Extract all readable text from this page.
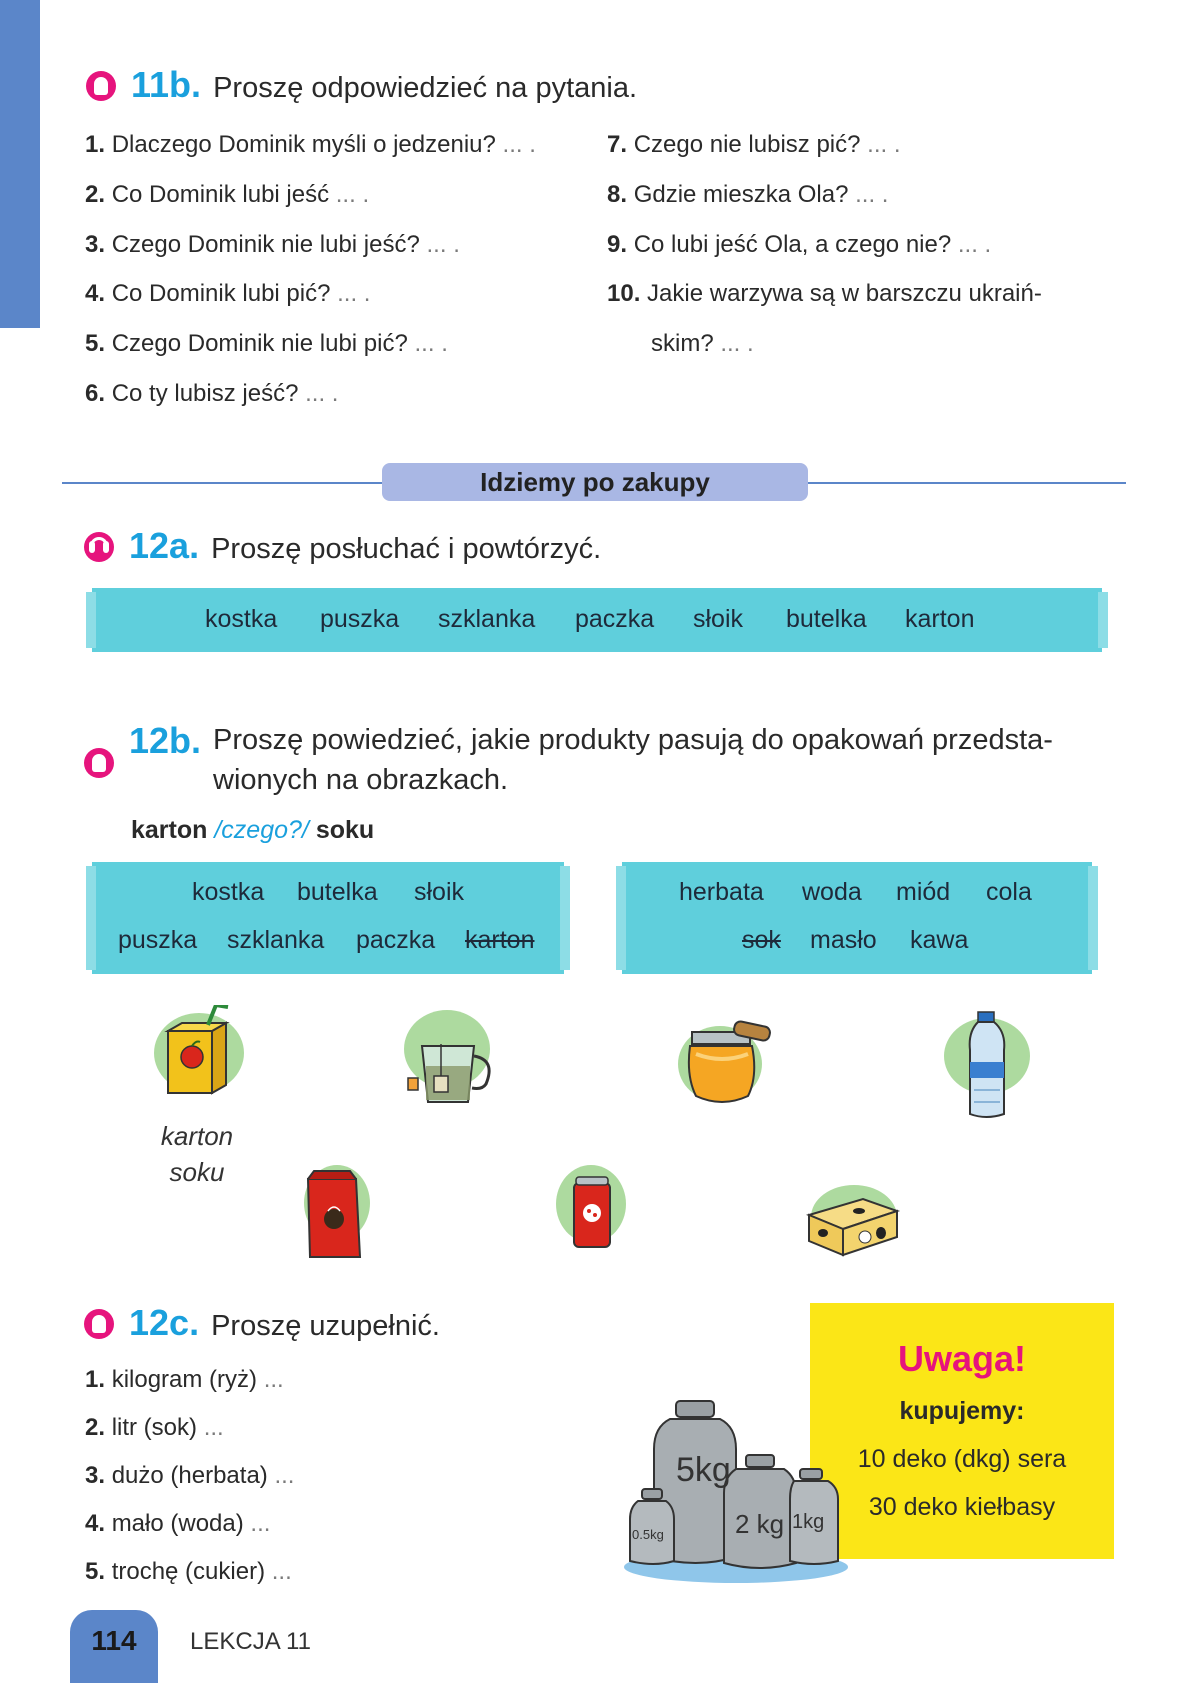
11b. Proszę odpowiedzieć na pytania.
1. Dlaczego Dominik myśli o jedzeniu? ... .
2. Co Dominik lubi jeść ... .
3. Czego Dominik nie lubi jeść? ... .
4. Co Dominik lubi pić? ... .
5. Czego Dominik nie lubi pić? ... .
6. Co ty lubisz jeść? ... .
7. Czego nie lubisz pić? ... .
8. Gdzie mieszka Ola? ... .
9. Co lubi jeść Ola, a czego nie? ... .
10. Jakie warzywa są w barszczu ukraiń-
skim? ... .
Idziemy po zakupy
12a. Proszę posłuchać i powtórzyć.
kostka puszka szklanka paczka słoik butelka karton
12b. Proszę powiedzieć, jakie produkty pasują do opakowań przedsta-
wionych na obrazkach.
karton /czego?/ soku
kostka butelka słoik
puszka szklanka paczka karton
herbata woda miód cola
sok masło kawa
karton
soku
12c. Proszę uzupełnić.
1. kilogram (ryż) ...
2. litr (sok) ...
3. dużo (herbata) ...
4. mało (woda) ...
5. trochę (cukier) ...
Uwaga!
kupujemy:
10 deko (dkg) sera
30 deko kiełbasy
5kg
2 kg 1kg
0.5kg
114	LEKCJA 11
